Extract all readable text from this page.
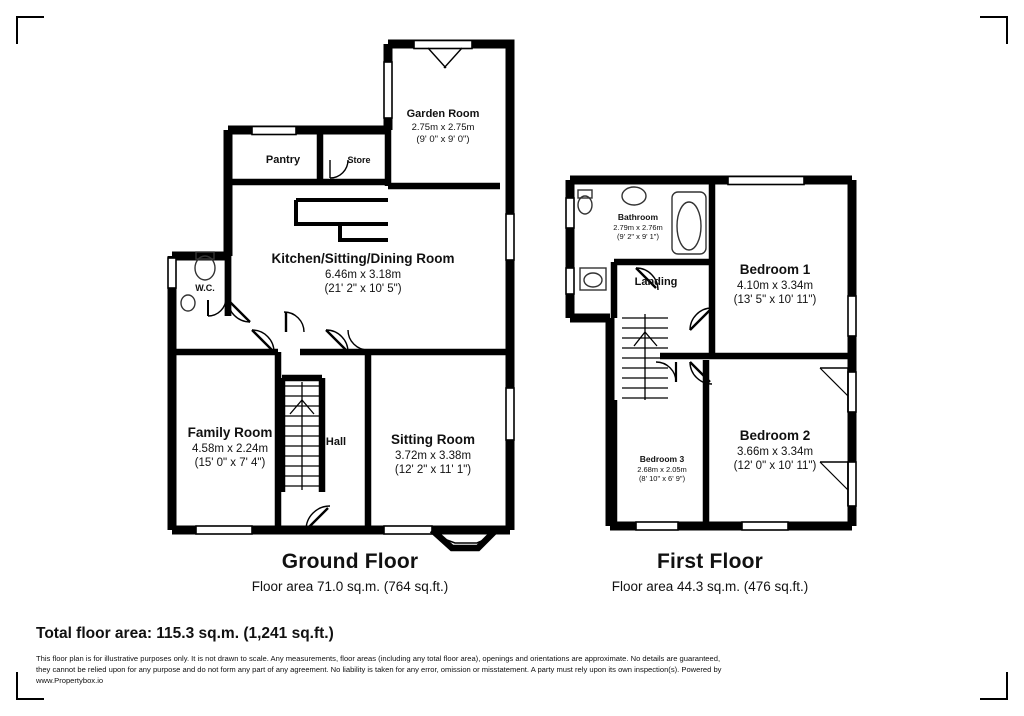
Garden Room
2.75m x 2.75m
(9' 0" x 9' 0")
Pantry	Store
Kitchen/Sitting/Dining Room
6.46m x 3.18m
(21' 2" x 10' 5")
W.C.
Family Room
4.58m x 2.24m
(15' 0" x 7' 4")
Hall	Sitting Room
3.72m x 3.38m
(12' 2" x 11' 1")
Ground Floor
Floor area 71.0 sq.m. (764 sq.ft.)
Bathroom
2.79m x 2.76m
(9' 2" x 9' 1")
Landing
Bedroom 1
4.10m x 3.34m
(13' 5" x 10' 11")
Bedroom 2
3.66m x 3.34m
(12' 0" x 10' 11")
Bedroom 3
2.68m x 2.05m
(8' 10" x 6' 9")
First Floor
Floor area 44.3 sq.m. (476 sq.ft.)
Total floor area: 115.3 sq.m. (1,241 sq.ft.)
This floor plan is for illustrative purposes only. It is not drawn to scale. Any measurements, floor areas (including any total floor area), openings and orientations are approximate. No details are guaranteed, they cannot be relied upon for any purpose and do not form any part of any agreement. No liability is taken for any error, omission or misstatement. A party must rely upon its own inspection(s). Powered by www.Propertybox.io
